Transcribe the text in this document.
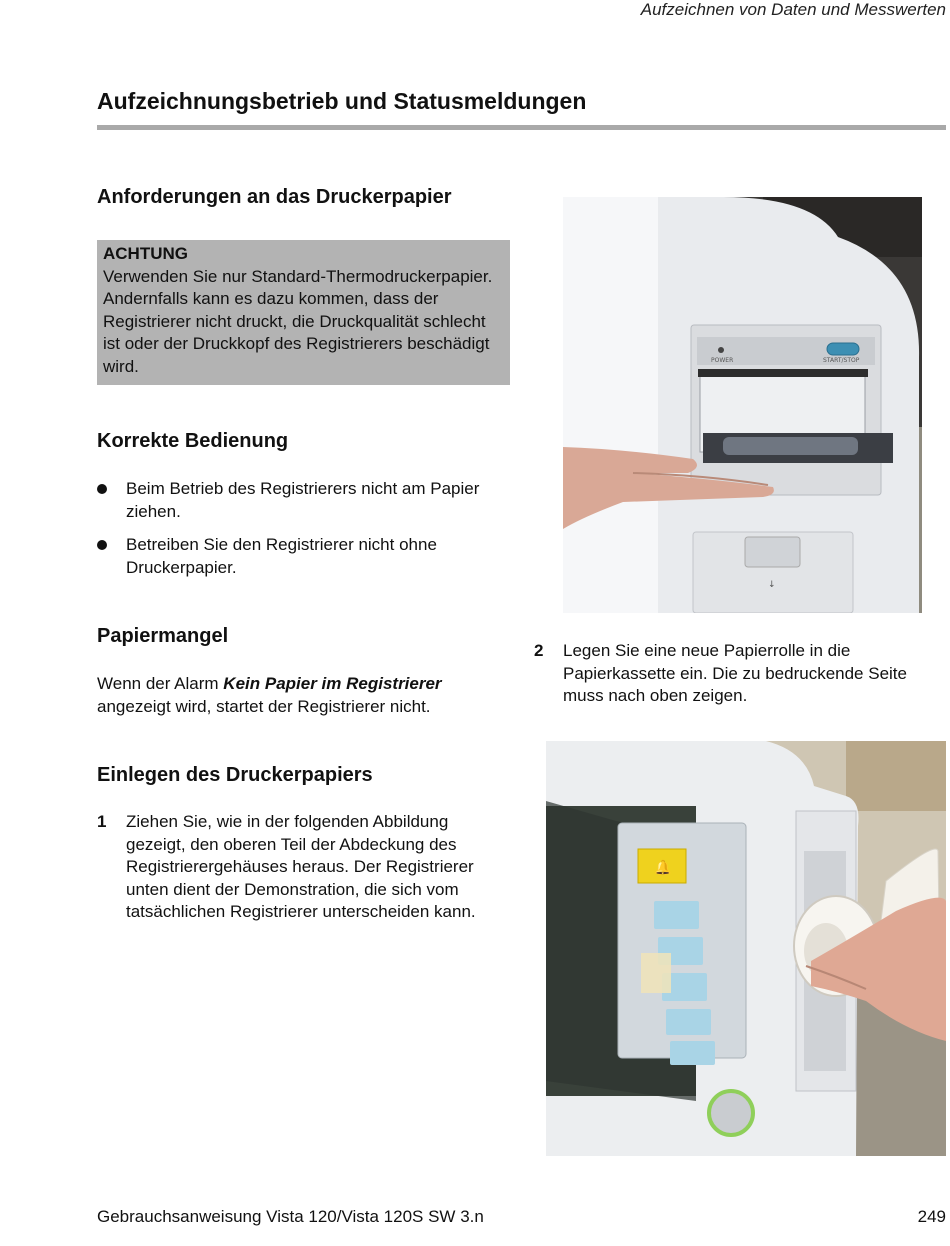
Aufzeichnen von Daten und Messwerten
Aufzeichnungsbetrieb und Statusmeldungen
Anforderungen an das Druckerpapier
ACHTUNG
Verwenden Sie nur Standard-Thermodruckerpapier. Andernfalls kann es dazu kommen, dass der Registrierer nicht druckt, die Druckqualität schlecht ist oder der Druckkopf des Registrierers beschädigt wird.
Korrekte Bedienung
Beim Betrieb des Registrierers nicht am Papier ziehen.
Betreiben Sie den Registrierer nicht ohne Druckerpapier.
Papiermangel
Wenn der Alarm Kein Papier im Registrierer angezeigt wird, startet der Registrierer nicht.
Einlegen des Druckerpapiers
1 Ziehen Sie, wie in der folgenden Abbildung gezeigt, den oberen Teil der Abdeckung des Registrierergehäuses heraus. Der Registrierer unten dient der Demonstration, die sich vom tatsächlichen Registrierer unterscheiden kann.
2 Legen Sie eine neue Papierrolle in die Papierkassette ein. Die zu bedruckende Seite muss nach oben zeigen.
POWER	START/STOP
↓
🔔
Gebrauchsanweisung Vista 120/Vista 120S SW 3.n	249
